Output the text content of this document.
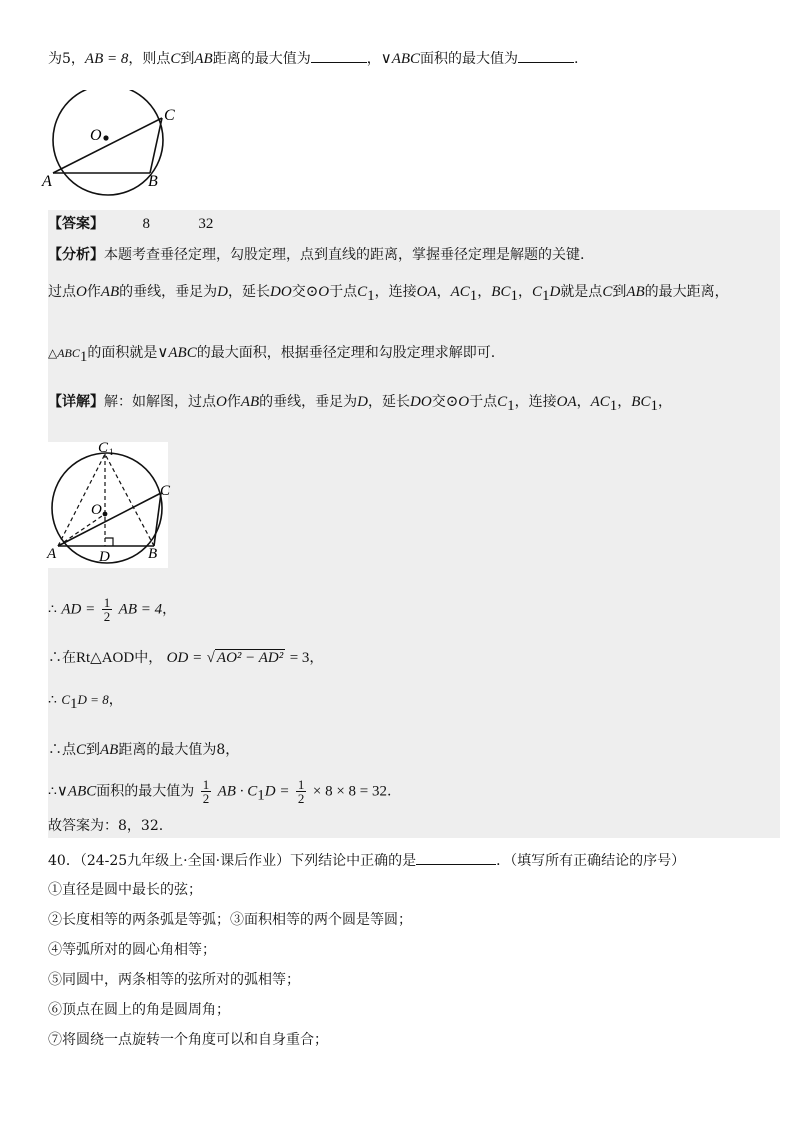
为5，AB = 8，则点C到AB距离的最大值为	，∨ABC面积的最大值为	.
O
A	B
C
【答案】	8	32
【分析】本题考查垂径定理，勾股定理，点到直线的距离，掌握垂径定理是解题的关键.
过点O作AB的垂线，垂足为D，延长DO交⊙O于点$C_1$，连接OA，$AC_1$，$BC_1$，$C_1D$就是点C到AB的最大距离，
$\triangle ABC_1$的面积就是∨ABC的最大面积，根据垂径定理和勾股定理求解即可.
【详解】解：如解图，过点O作AB的垂线，垂足为D，延长DO交⊙O于点$C_1$，连接OA，$AC_1$，$BC_1$，
C 1
C
O
A	B
D
∴ AD = $\frac{1}{2}$ AB = 4，
∴在Rt△AOD中， OD = √ AO² − AD² = 3，
∴ $C_1D = 8$，
∴点C到AB距离的最大值为8，
∴∨ABC面积的最大值为 $\frac{1}{2}$ AB · $C_1D = \frac{1}{2} \times 8 \times 8 = 32$.
故答案为：8，32.
40．（24-25九年级上·全国·课后作业）下列结论中正确的是	．（填写所有正确结论的序号）
①直径是圆中最长的弦；
②长度相等的两条弧是等弧；③面积相等的两个圆是等圆；
④等弧所对的圆心角相等；
⑤同圆中，两条相等的弦所对的弧相等；
⑥顶点在圆上的角是圆周角；
⑦将圆绕一点旋转一个角度可以和自身重合；
